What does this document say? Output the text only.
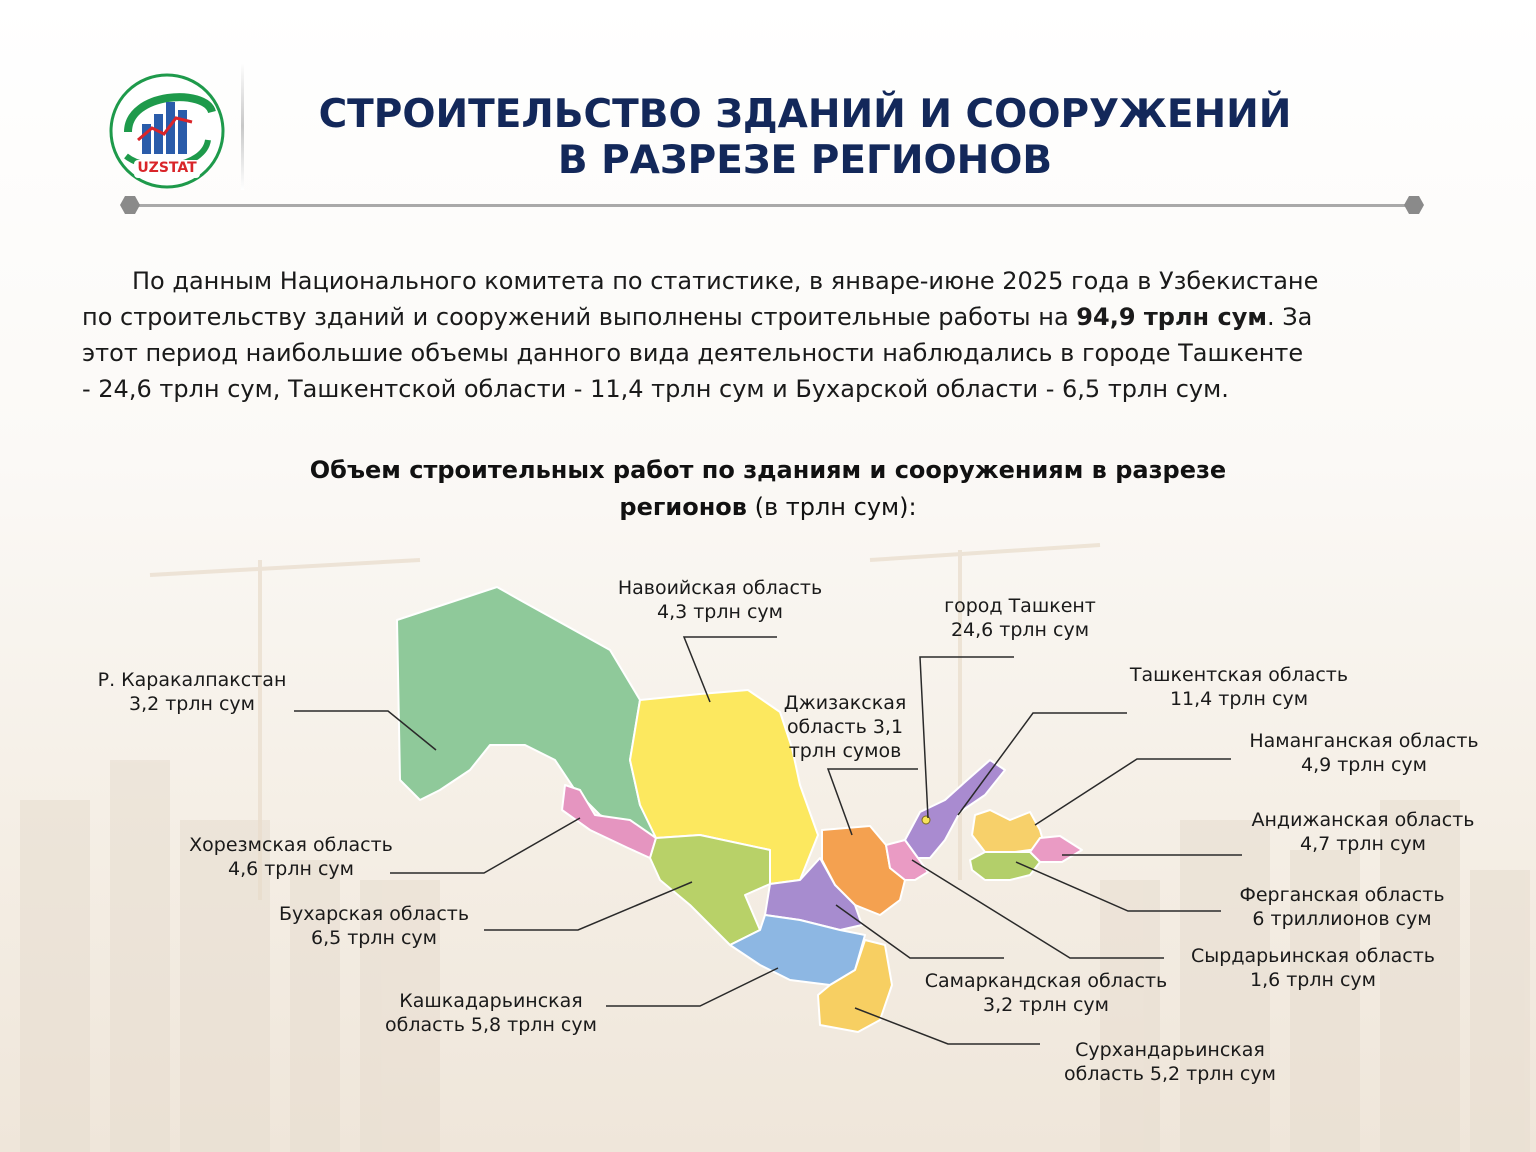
UZSTAT
СТРОИТЕЛЬСТВО ЗДАНИЙ И СООРУЖЕНИЙ
В РАЗРЕЗЕ РЕГИОНОВ
По данным Национального комитета по статистике, в январе-июне 2025 года в Узбекистане
по строительству зданий и сооружений выполнены строительные работы на 94,9 трлн сум. За
этот период наибольшие объемы данного вида деятельности наблюдались в городе Ташкенте
- 24,6 трлн сум, Ташкентской области - 11,4 трлн сум и Бухарской области - 6,5 трлн сум.
Объем строительных работ по зданиям и сооружениям в разрезе
регионов (в трлн сум):
Навоийская область
4,3 трлн сум	город Ташкент
24,6 трлн сум
Р. Каракалпакстан
3,2 трлн сум
Ташкентская область
11,4 трлн сум
Джизакская
область 3,1
трлн сумов	Наманганская область
4,9 трлн сум
Андижанская область
4,7 трлн сум
Хорезмская область
4,6 трлн сум
Ферганская область
6 триллионов сум
Бухарская область
6,5 трлн сум
Сырдарьинская область
1,6 трлн сум
Самаркандская область
3,2 трлн сум
Кашкадарьинская
область 5,8 трлн сум
Сурхандарьинская
область 5,2 трлн сум
